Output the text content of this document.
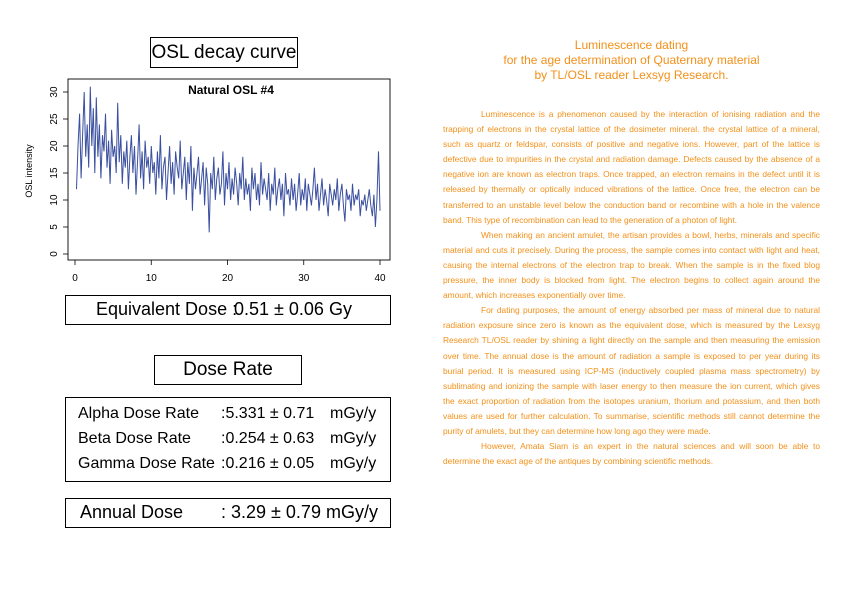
OSL decay curve
Natural OSL #4
OSL intensity
0	10	20	30	40
0
5
10
15
20
25
30
Equivalent Dose :
0.51 ± 0.06 Gy
Dose Rate
Alpha Dose Rate :5.331 ± 0.71 mGy/y
Beta Dose Rate :0.254 ± 0.63 mGy/y
Gamma Dose Rate :0.216 ± 0.05 mGy/y
Annual Dose : 3.29 ± 0.79 mGy/y
Luminescence dating
for the age determination of Quaternary material
by TL/OSL reader Lexsyg Research.

Luminescence is a phenomenon caused by the interaction of ionising radiation and the trapping of electrons in the crystal lattice of the dosimeter mineral. the crystal lattice of a mineral, such as quartz or feldspar, consists of positive and negative ions. However, part of the lattice is defective due to impurities in the crystal and radiation damage. Defects caused by the absence of a negative ion are known as electron traps. Once trapped, an electron remains in the defect until it is released by thermally or optically induced vibrations of the lattice. Once free, the electron can be transferred to an unstable level below the conduction band or recombine with a hole in the valence band. This type of recombination can lead to the generation of a photon of light.

When making an ancient amulet, the artisan provides a bowl, herbs, minerals and specific material and cuts it precisely. During the process, the sample comes into contact with light and heat, causing the internal electrons of the electron trap to break. When the sample is in the fixed blog pressure, the inner body is blocked from light. The electron begins to collect again around the amount, which increases exponentially over time.

For dating purposes, the amount of energy absorbed per mass of mineral due to natural radiation exposure since zero is known as the equivalent dose, which is measured by the Lexsyg Research TL/OSL reader by shining a light directly on the sample and then measuring the emission over time. The annual dose is the amount of radiation a sample is exposed to per year during its burial period. It is measured using ICP-MS (inductively coupled plasma mass spectrometry) by sublimating and ionizing the sample with laser energy to then measure the ion current, which gives the exact proportion of radiation from the isotopes uranium, thorium and potassium, and then both values are used for further calculation. To summarise, scientific methods still cannot determine the purity of amulets, but they can determine how long ago they were made.

However, Amata Siam is an expert in the natural sciences and will soon be able to determine the exact age of the antiques by combining scientific methods.
